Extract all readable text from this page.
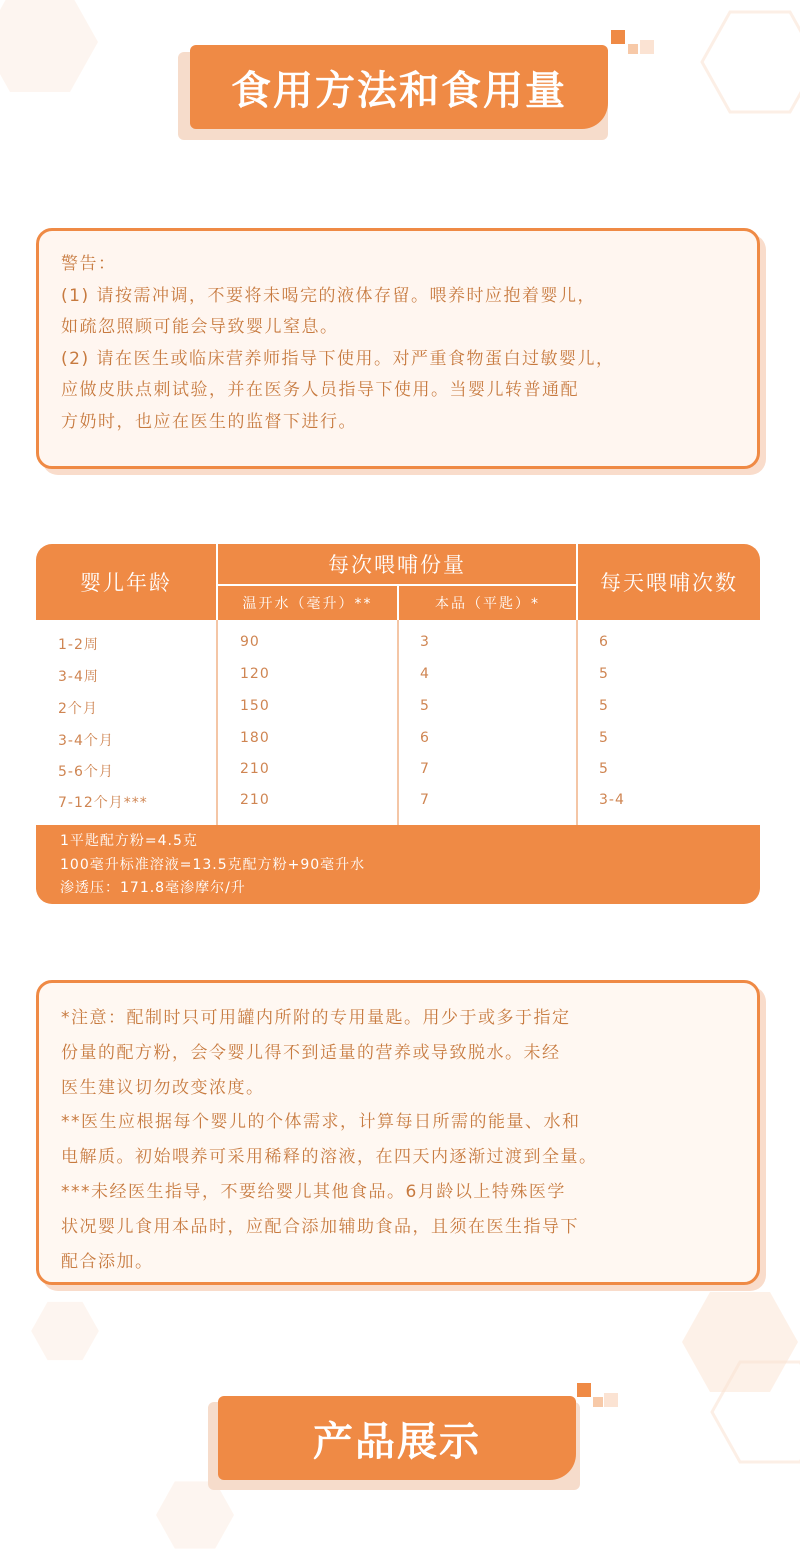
食用方法和食用量

警告：

(1) 请按需冲调，不要将未喝完的液体存留。喂养时应抱着婴儿，

如疏忽照顾可能会导致婴儿窒息。

(2) 请在医生或临床营养师指导下使用。对严重食物蛋白过敏婴儿，

应做皮肤点刺试验，并在医务人员指导下使用。当婴儿转普通配

方奶时，也应在医生的监督下进行。

婴儿年龄
每次喂哺份量
温开水（毫升）**	本品（平匙）*
每天喂哺次数
1-2周	90	3	6
3-4周	120	4	5
2个月	150	5	5
3-4个月	180	6	5
5-6个月	210	7	5
7-12个月***	210	7	3-4
1平匙配方粉=4.5克
100毫升标准溶液=13.5克配方粉+90毫升水
渗透压：171.8毫渗摩尔/升

*注意：配制时只可用罐内所附的专用量匙。用少于或多于指定

份量的配方粉，会令婴儿得不到适量的营养或导致脱水。未经

医生建议切勿改变浓度。

**医生应根据每个婴儿的个体需求，计算每日所需的能量、水和

电解质。初始喂养可采用稀释的溶液，在四天内逐渐过渡到全量。

***未经医生指导，不要给婴儿其他食品。6月龄以上特殊医学

状况婴儿食用本品时，应配合添加辅助食品，且须在医生指导下

配合添加。

产品展示
